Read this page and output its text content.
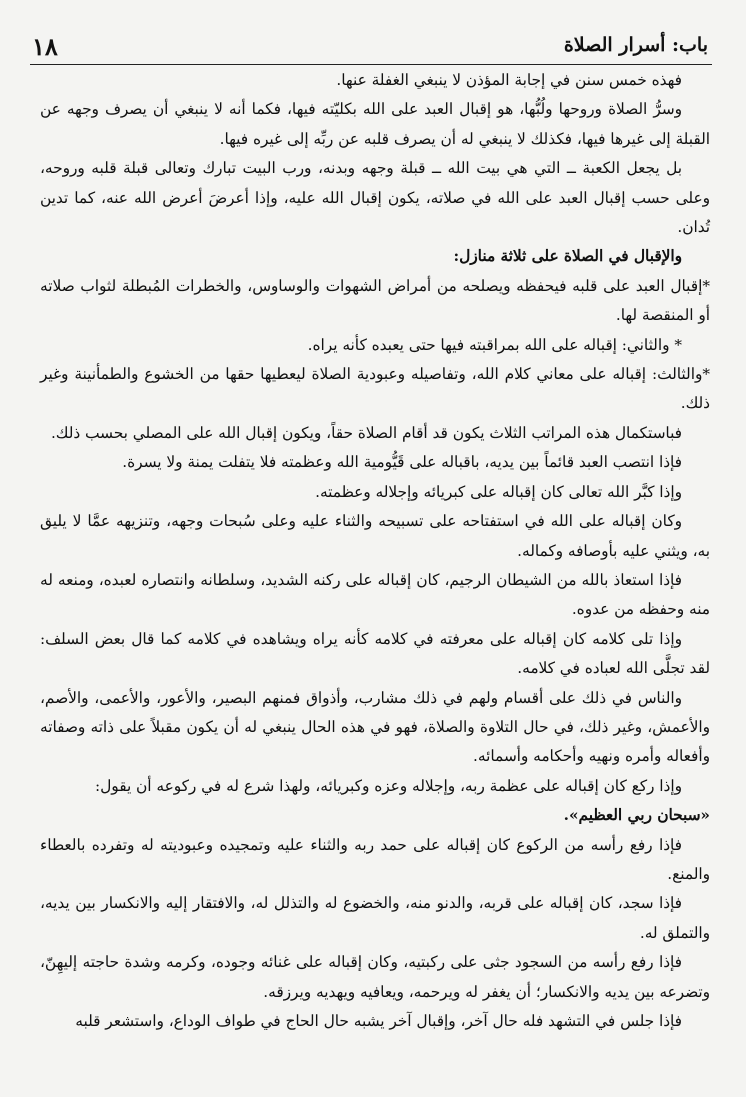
١٨	باب: أسرار الصلاة

فهذه خمس سنن في إجابة المؤذن لا ينبغي الغفلة عنها.

وسرُّ الصلاة وروحها ولُبُّها، هو إقبال العبد على الله بكليّته فيها، فكما أنه لا ينبغي أن يصرف وجهه عن القبلة إلى غيرها فيها، فكذلك لا ينبغي له أن يصرف قلبه عن ربِّه إلى غيره فيها.

بل يجعل الكعبة ــ التي هي بيت الله ــ قبلة وجهه وبدنه، ورب البيت تبارك وتعالى قبلة قلبه وروحه، وعلى حسب إقبال العبد على الله في صلاته، يكون إقبال الله عليه، وإذا أعرضَ أعرض الله عنه، كما تدين تُدان.

والإقبال في الصلاة على ثلاثة منازل:

*إقبال العبد على قلبه فيحفظه ويصلحه من أمراض الشهوات والوساوس، والخطرات المُبطلة لثواب صلاته أو المنقصة لها.

* والثاني: إقباله على الله بمراقبته فيها حتى يعبده كأنه يراه.

*والثالث: إقباله على معاني كلام الله، وتفاصيله وعبودية الصلاة ليعطيها حقها من الخشوع والطمأنينة وغير ذلك.

فباستكمال هذه المراتب الثلاث يكون قد أقام الصلاة حقاً، ويكون إقبال الله على المصلي بحسب ذلك.

فإذا انتصب العبد قائماً بين يديه، باقباله على قَيُّومية الله وعظمته فلا يتفلت يمنة ولا يسرة.

وإذا كبَّر الله تعالى كان إقباله على كبريائه وإجلاله وعظمته.

وكان إقباله على الله في استفتاحه على تسبيحه والثناء عليه وعلى سُبحات وجهه، وتنزيهه عمَّا لا يليق به، ويثني عليه بأوصافه وكماله.

فإذا استعاذ بالله من الشيطان الرجيم، كان إقباله على ركنه الشديد، وسلطانه وانتصاره لعبده، ومنعه له منه وحفظه من عدوه.

وإذا تلى كلامه كان إقباله على معرفته في كلامه كأنه يراه ويشاهده في كلامه كما قال بعض السلف: لقد تجلَّى الله لعباده في كلامه.

والناس في ذلك على أقسام ولهم في ذلك مشارب، وأذواق فمنهم البصير، والأعور، والأعمى، والأصم، والأعمش، وغير ذلك، في حال التلاوة والصلاة، فهو في هذه الحال ينبغي له أن يكون مقبلاً على ذاته وصفاته وأفعاله وأمره ونهيه وأحكامه وأسمائه.

وإذا ركع كان إقباله على عظمة ربه، وإجلاله وعزه وكبريائه، ولهذا شرع له في ركوعه أن يقول:

«سبحان ربي العظيم».

فإذا رفع رأسه من الركوع كان إقباله على حمد ربه والثناء عليه وتمجيده وعبوديته له وتفرده بالعطاء والمنع.

فإذا سجد، كان إقباله على قربه، والدنو منه، والخضوع له والتذلل له، والافتقار إليه والانكسار بين يديه، والتملق له.

فإذا رفع رأسه من السجود جثى على ركبتيه، وكان إقباله على غنائه وجوده، وكرمه وشدة حاجته إليهِنّ، وتضرعه بين يديه والانكسار؛ أن يغفر له ويرحمه، ويعافيه ويهديه ويرزقه.

فإذا جلس في التشهد فله حال آخر، وإقبال آخر يشبه حال الحاج في طواف الوداع، واستشعر قلبه
